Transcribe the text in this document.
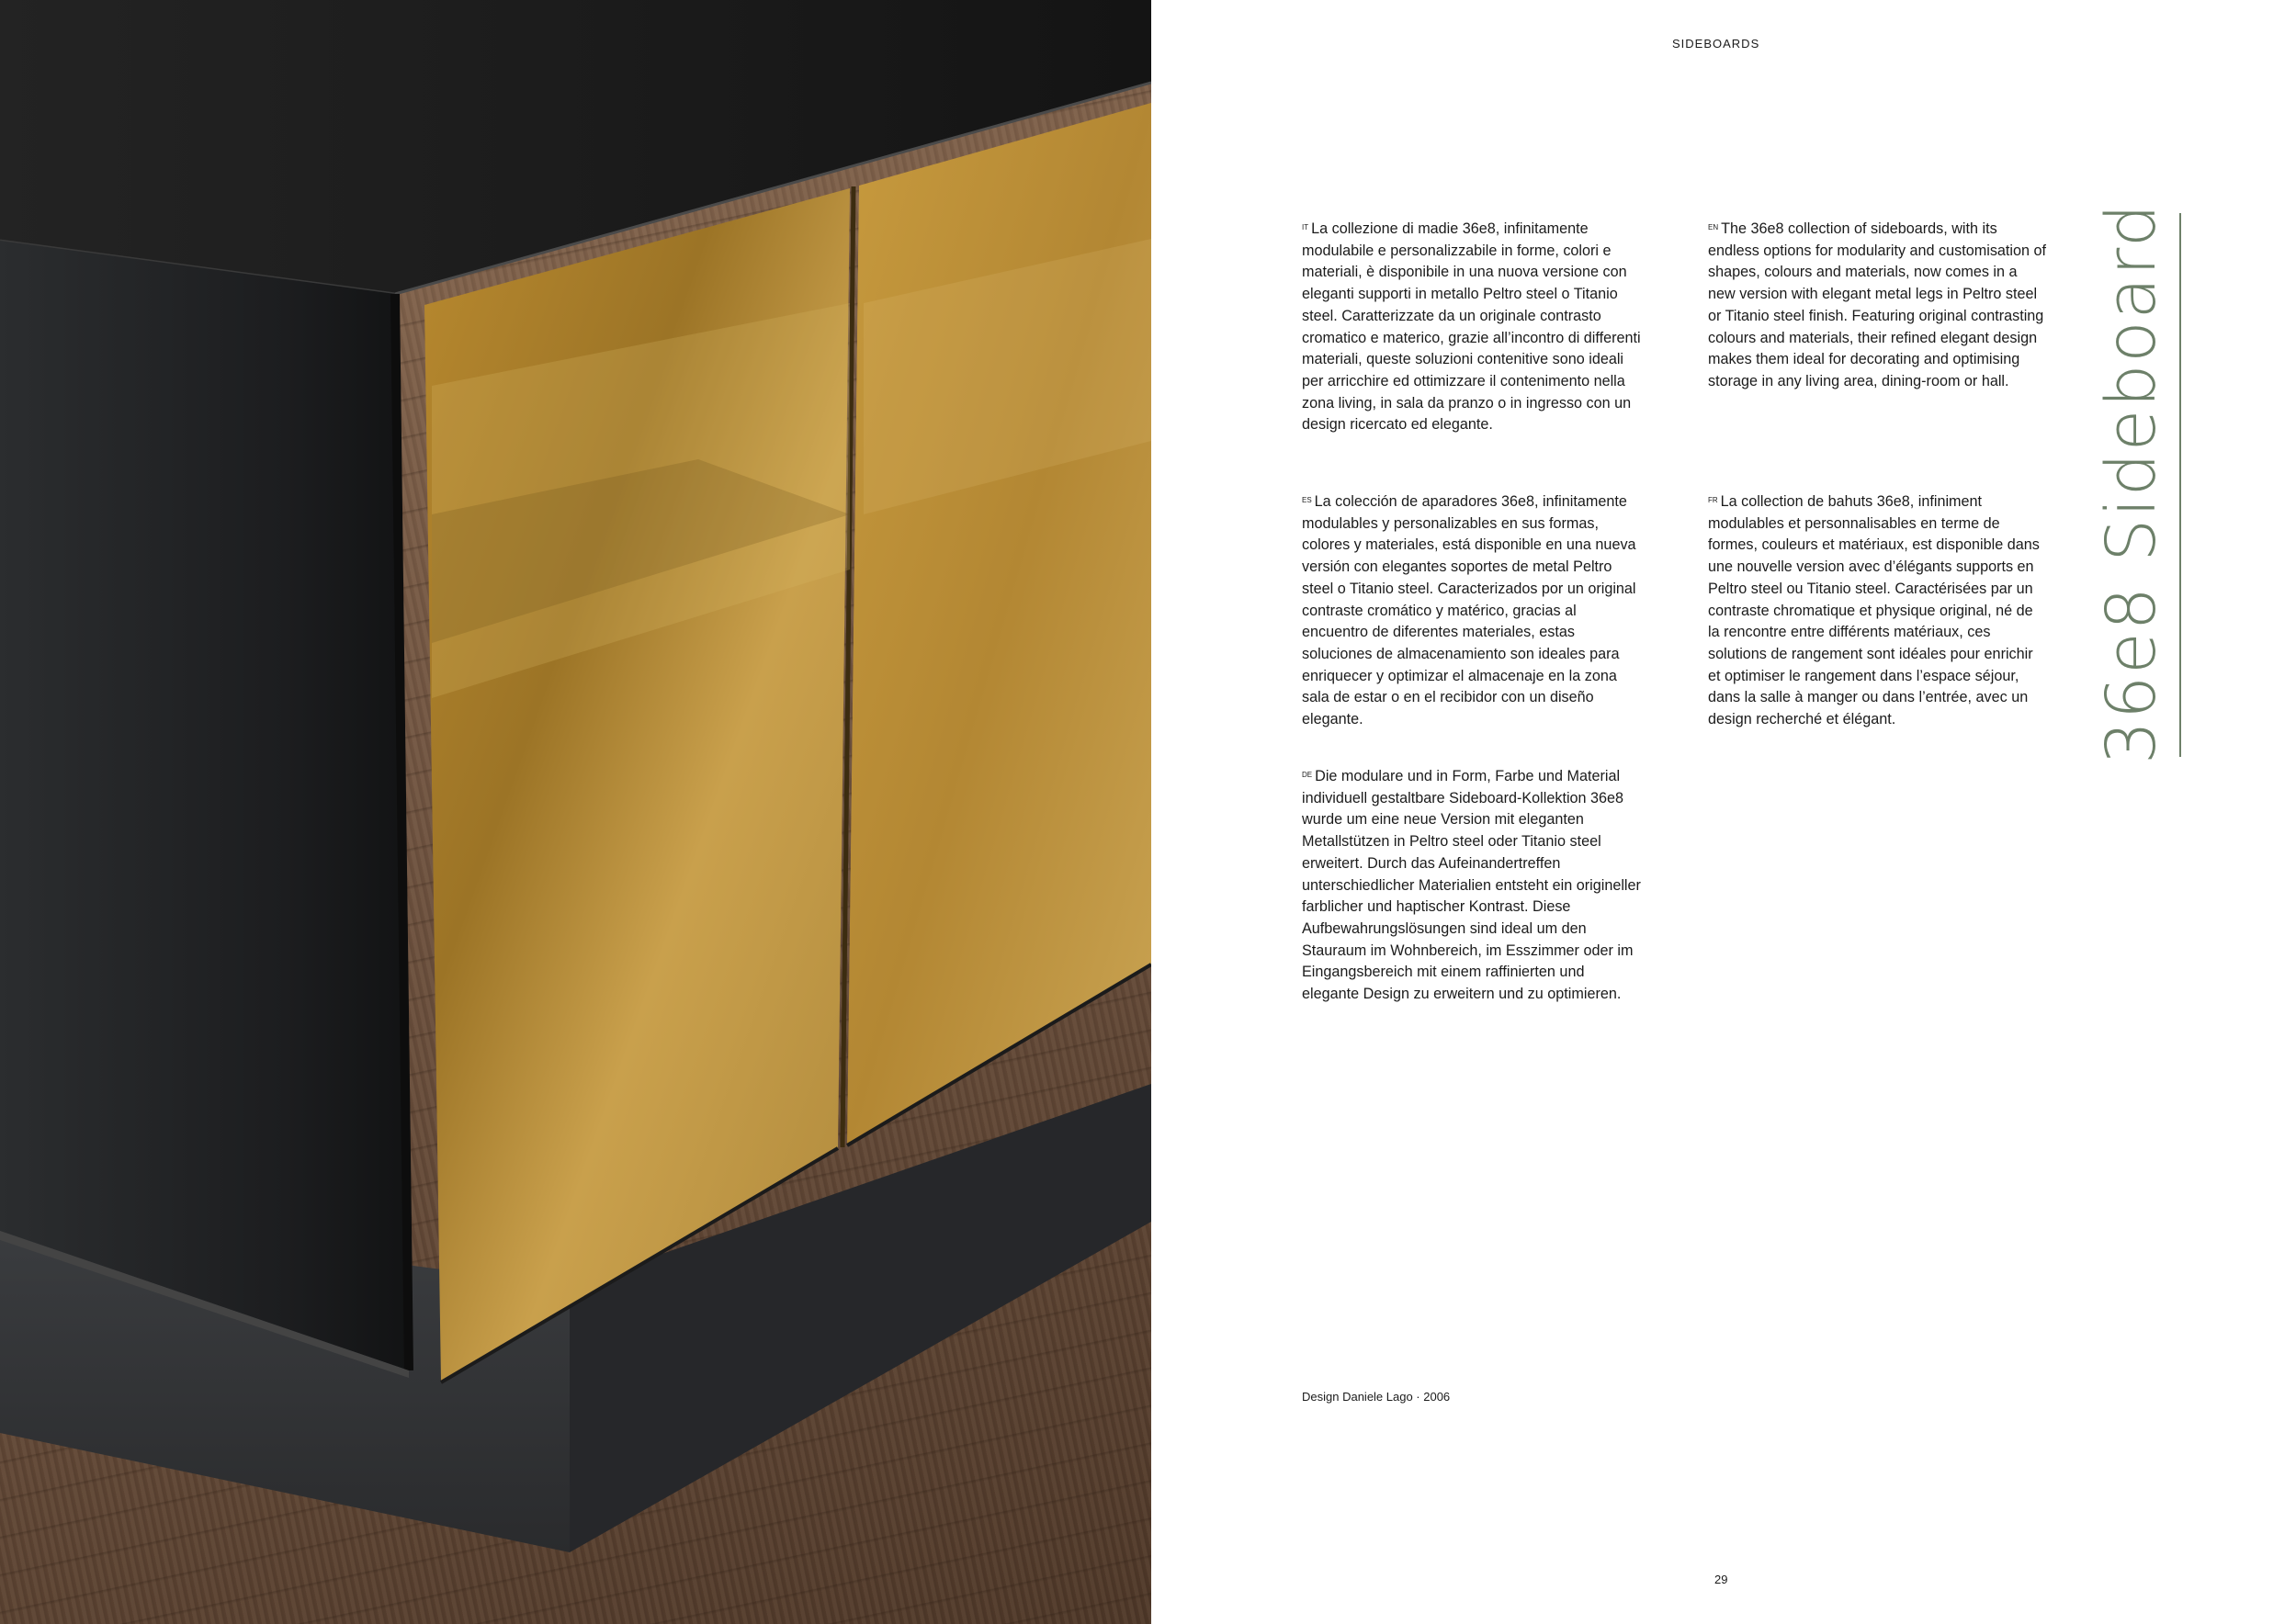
SIDEBOARDS
$^{IT}$ La collezione di madie 36e8, infinitamente modulabile e personalizzabile in forme, colori e materiali, è disponibile in una nuova versione con eleganti supporti in metallo Peltro steel o Titanio steel. Caratterizzate da un originale contrasto cromatico e materico, grazie all’incontro di differenti materiali, queste soluzioni contenitive sono ideali per arricchire ed ottimizzare il contenimento nella zona living, in sala da pranzo o in ingresso con un design ricercato ed elegante.
$^{EN}$ The 36e8 collection of sideboards, with its endless options for modularity and customisation of shapes, colours and materials, now comes in a new version with elegant metal legs in Peltro steel or Titanio steel finish. Featuring original contrasting colours and materials, their refined elegant design makes them ideal for decorating and optimising storage in any living area, dining-room or hall.
$^{ES}$ La colección de aparadores 36e8, infinitamente modulables y personalizables en sus formas, colores y materiales, está disponible en una nueva versión con elegantes soportes de metal Peltro steel o Titanio steel. Caracterizados por un original contraste cromático y matérico, gracias al encuentro de diferentes materiales, estas soluciones de almacenamiento son ideales para enriquecer y optimizar el almacenaje en la zona sala de estar o en el recibidor con un diseño elegante.
$^{FR}$ La collection de bahuts 36e8, infiniment modulables et personnalisables en terme de formes, couleurs et matériaux, est disponible dans une nouvelle version avec d’élégants supports en Peltro steel ou Titanio steel. Caractérisées par un contraste chromatique et physique original, né de la rencontre entre différents matériaux, ces solutions de rangement sont idéales pour enrichir et optimiser le rangement dans l’espace séjour, dans la salle à manger ou dans l’entrée, avec un design recherché et élégant.
$^{DE}$ Die modulare und in Form, Farbe und Material individuell gestaltbare Sideboard-Kollektion 36e8 wurde um eine neue Version mit eleganten Metallstützen in Peltro steel oder Titanio steel erweitert. Durch das Aufeinandertreffen unterschiedlicher Materialien entsteht ein origineller farblicher und haptischer Kontrast. Diese Aufbewahrungslösungen sind ideal um den Stauraum im Wohnbereich, im Esszimmer oder im Eingangsbereich mit einem raffinierten und elegante Design zu erweitern und zu optimieren.
36e8 Sideboard
Design Daniele Lago · 2006
29
